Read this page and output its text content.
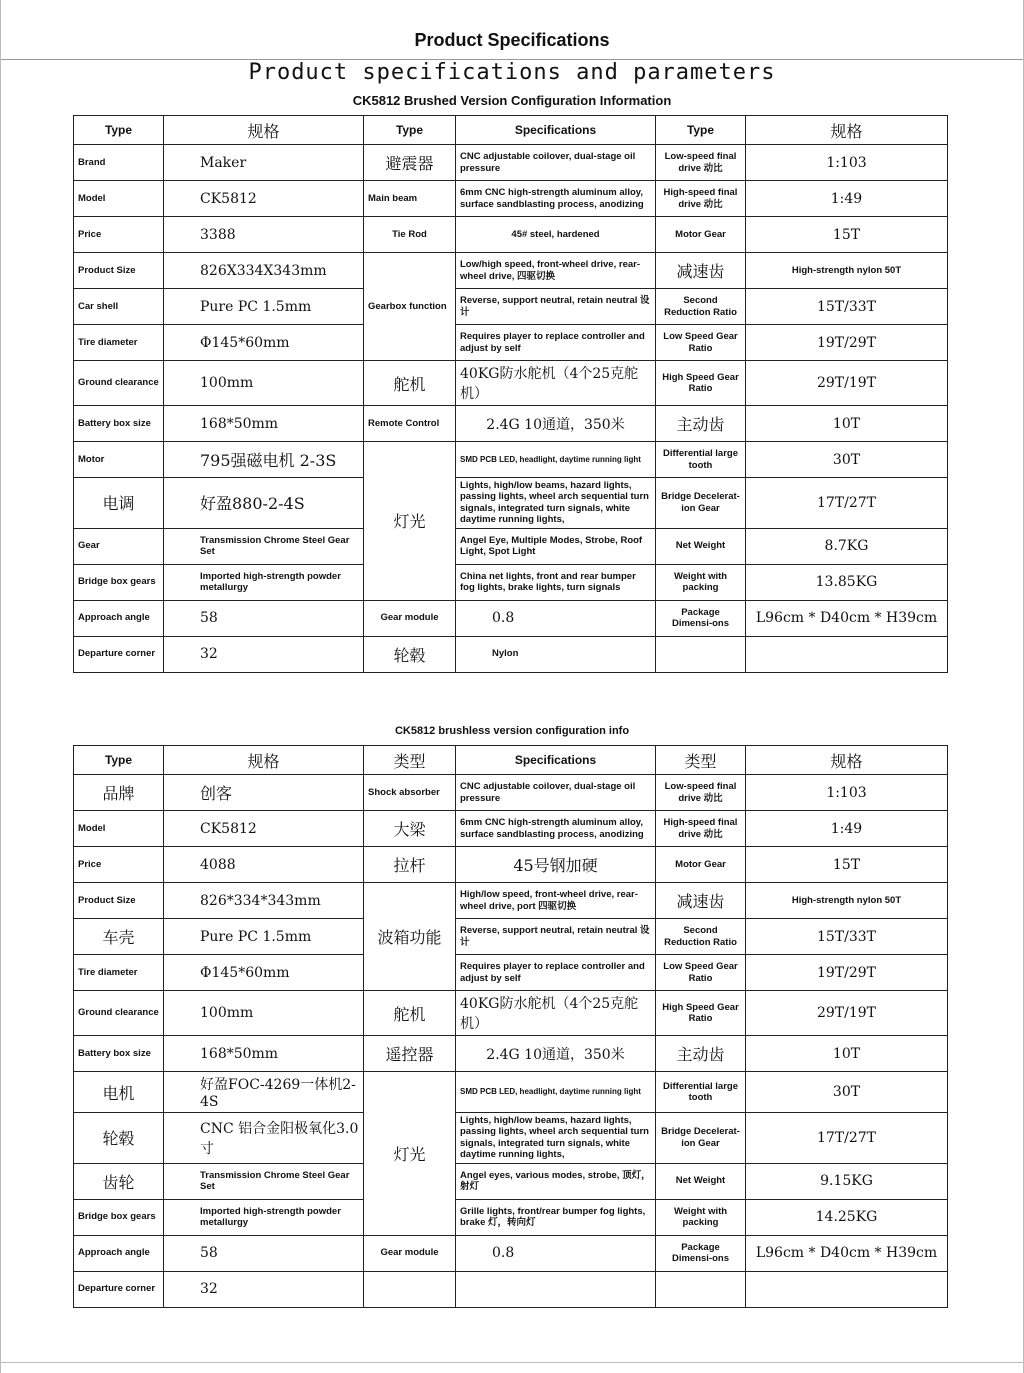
Product Specifications
Product specifications and parameters
CK5812 Brushed Version Configuration Information
Type	规格	Type	Specifications	Type	规格
Brand	Maker	避震器	CNC adjustable coilover, dual-stage oil pressure	Low-speed final drive 动比	1:103
Model	CK5812	Main beam	6mm CNC high-strength aluminum alloy, surface sandblasting process, anodizing	High-speed final drive 动比	1:49
Price	3388	Tie Rod	45# steel, hardened	Motor Gear	15T
Product Size	826X334X343mm	Gearbox function	Low/high speed, front-wheel drive, rear-wheel drive, 四驱切换	减速齿	High-strength nylon 50T
Car shell	Pure PC 1.5mm		Reverse, support neutral, retain neutral 设计	Second Reduction Ratio	15T/33T
Tire diameter	Φ145*60mm		Requires player to replace controller and adjust by self	Low Speed Gear Ratio	19T/29T
Ground clearance	100mm	舵机	40KG防水舵机（4个25克舵机）	High Speed Gear Ratio	29T/19T
Battery box size	168*50mm	Remote Control	2.4G 10通道，350米	主动齿	10T
Motor	795强磁电机 2-3S	灯光	SMD PCB LED, headlight, daytime running light	Differential large tooth	30T
电调	好盈880-2-4S		Lights, high/low beams, hazard lights, passing lights, wheel arch sequential turn signals, integrated turn signals, white daytime running lights,	Bridge Decelerat-ion Gear	17T/27T
Gear	Transmission Chrome Steel Gear Set		Angel Eye, Multiple Modes, Strobe, Roof Light, Spot Light	Net Weight	8.7KG
Bridge box gears	Imported high-strength powder metallurgy		China net lights, front and rear bumper fog lights, brake lights, turn signals	Weight with packing	13.85KG
Approach angle	58	Gear module	0.8	Package Dimensi-ons	L96cm * D40cm * H39cm
Departure corner	32	轮毂	Nylon		
CK5812 brushless version configuration info
Type	规格	类型	Specifications	类型	规格
品牌	创客	Shock absorber	CNC adjustable coilover, dual-stage oil pressure	Low-speed final drive 动比	1:103
Model	CK5812	大梁	6mm CNC high-strength aluminum alloy, surface sandblasting process, anodizing	High-speed final drive 动比	1:49
Price	4088	拉杆	45号钢加硬	Motor Gear	15T
Product Size	826*334*343mm	波箱功能	High/low speed, front-wheel drive, rear-wheel drive, port 四驱切换	减速齿	High-strength nylon 50T
车壳	Pure PC 1.5mm		Reverse, support neutral, retain neutral 设计	Second Reduction Ratio	15T/33T
Tire diameter	Φ145*60mm		Requires player to replace controller and adjust by self	Low Speed Gear Ratio	19T/29T
Ground clearance	100mm	舵机	40KG防水舵机（4个25克舵机）	High Speed Gear Ratio	29T/19T
Battery box size	168*50mm	遥控器	2.4G 10通道，350米	主动齿	10T
电机	好盈FOC-4269一体机2-4S	灯光	SMD PCB LED, headlight, daytime running light	Differential large tooth	30T
轮毂	CNC 铝合金阳极氧化3.0寸		Lights, high/low beams, hazard lights, passing lights, wheel arch sequential turn signals, integrated turn signals, white daytime running lights,	Bridge Decelerat-ion Gear	17T/27T
齿轮	Transmission Chrome Steel Gear Set		Angel eyes, various modes, strobe, 顶灯，射灯	Net Weight	9.15KG
Bridge box gears	Imported high-strength powder metallurgy		Grille lights, front/rear bumper fog lights, brake 灯，转向灯	Weight with packing	14.25KG
Approach angle	58	Gear module	0.8	Package Dimensi-ons	L96cm * D40cm * H39cm
Departure corner	32				
